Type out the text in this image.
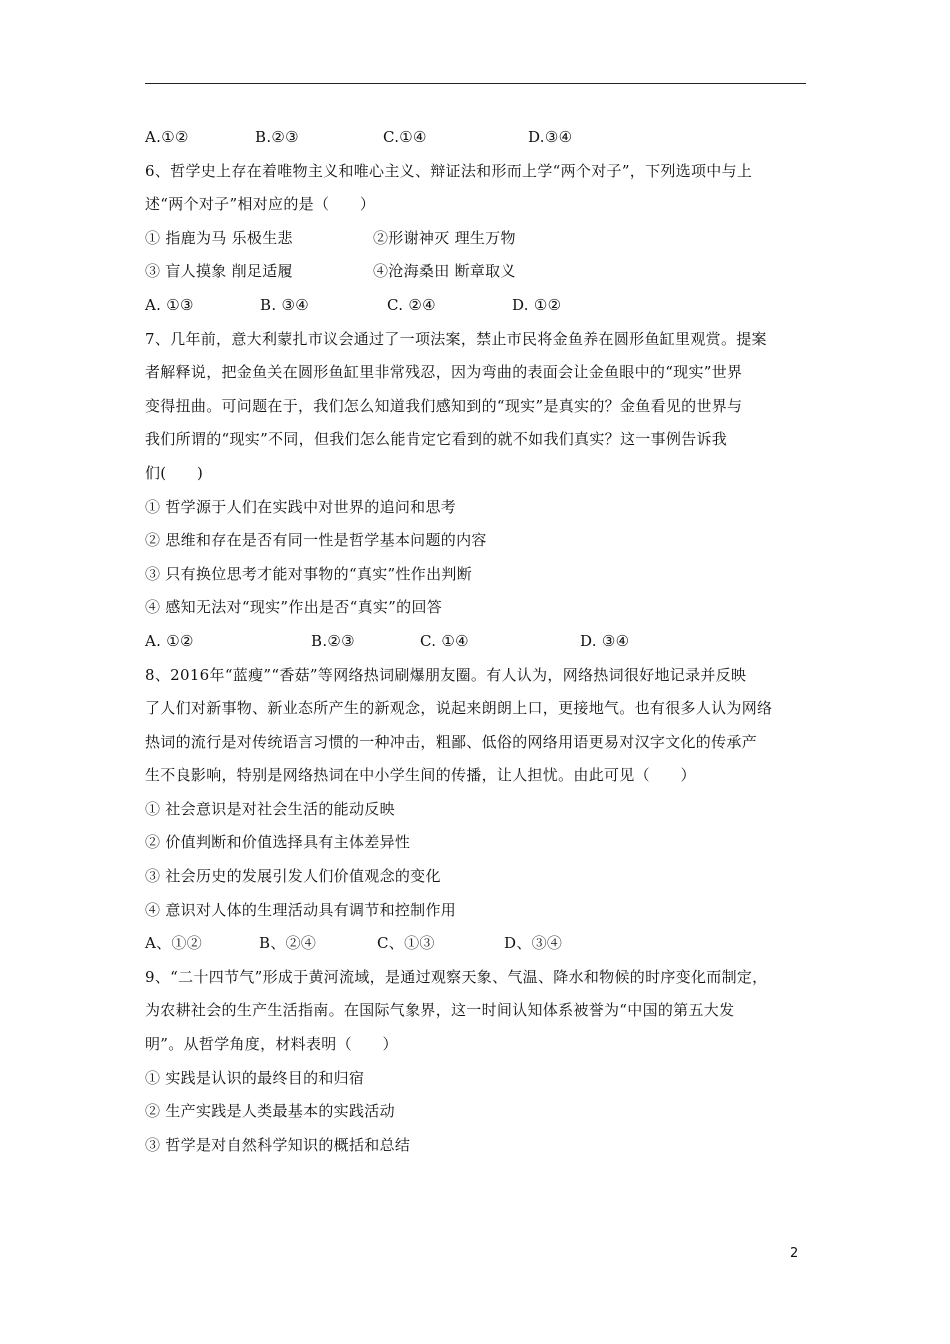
A.①②	B.②③	C.①④	D.③④
6、哲学史上存在着唯物主义和唯心主义、辩证法和形而上学“两个对子”，下列选项中与上
述“两个对子”相对应的是（　　）
① 指鹿为马 乐极生悲	②形谢神灭 理生万物
③ 盲人摸象 削足适履	④沧海桑田 断章取义
A. ①③	B. ③④	C. ②④	D. ①②
7、几年前，意大利蒙扎市议会通过了一项法案，禁止市民将金鱼养在圆形鱼缸里观赏。提案
者解释说，把金鱼关在圆形鱼缸里非常残忍，因为弯曲的表面会让金鱼眼中的“现实”世界
变得扭曲。可问题在于，我们怎么知道我们感知到的“现实”是真实的？金鱼看见的世界与
我们所谓的“现实”不同，但我们怎么能肯定它看到的就不如我们真实？这一事例告诉我
们(　　)
① 哲学源于人们在实践中对世界的追问和思考
② 思维和存在是否有同一性是哲学基本问题的内容
③ 只有换位思考才能对事物的“真实”性作出判断
④ 感知无法对“现实”作出是否“真实”的回答
A. ①②	B.②③	C. ①④	D. ③④
8、2016年“蓝瘦”“香菇”等网络热词刷爆朋友圈。有人认为，网络热词很好地记录并反映
了人们对新事物、新业态所产生的新观念，说起来朗朗上口，更接地气。也有很多人认为网络
热词的流行是对传统语言习惯的一种冲击，粗鄙、低俗的网络用语更易对汉字文化的传承产
生不良影响，特别是网络热词在中小学生间的传播，让人担忧。由此可见（　　）
① 社会意识是对社会生活的能动反映
② 价值判断和价值选择具有主体差异性
③ 社会历史的发展引发人们价值观念的变化
④ 意识对人体的生理活动具有调节和控制作用
A、①②	B、②④	C、①③	D、③④
9、“二十四节气”形成于黄河流域，是通过观察天象、气温、降水和物候的时序变化而制定，
为农耕社会的生产生活指南。在国际气象界，这一时间认知体系被誉为“中国的第五大发
明”。从哲学角度，材料表明（　　）
① 实践是认识的最终目的和归宿
② 生产实践是人类最基本的实践活动
③ 哲学是对自然科学知识的概括和总结
2
